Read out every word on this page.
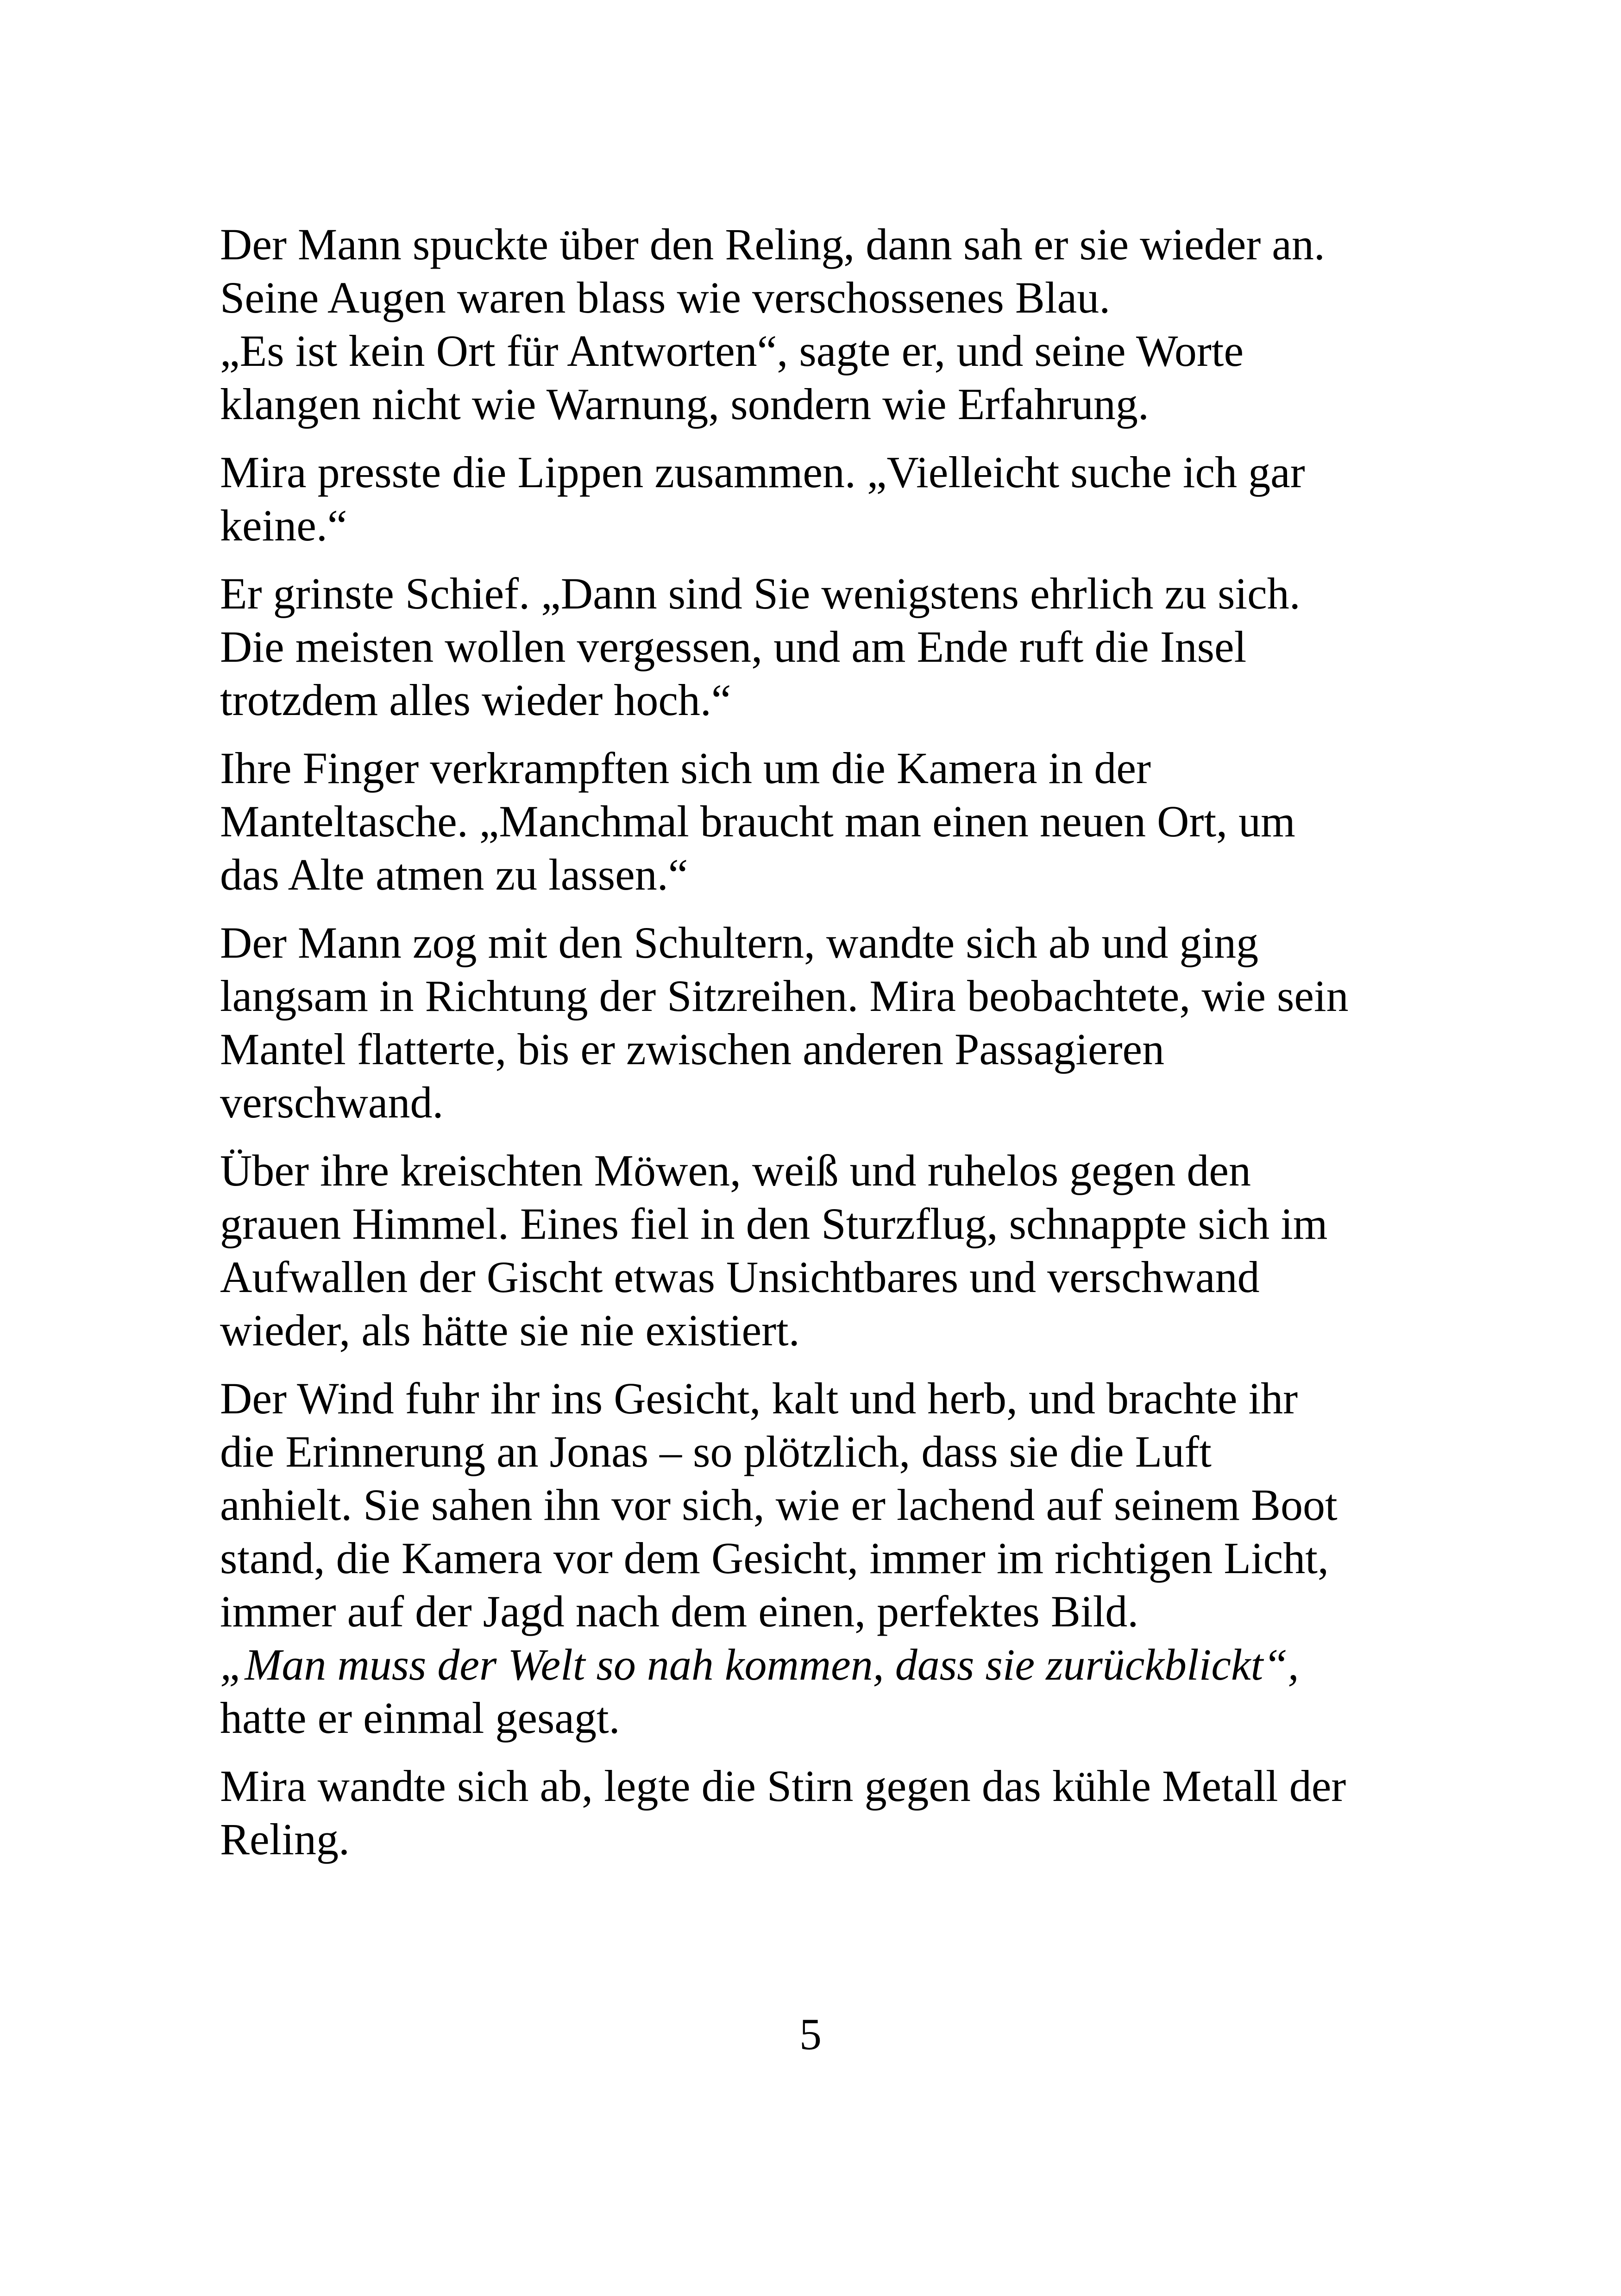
Der Mann spuckte über den Reling, dann sah er sie wieder an.
Seine Augen waren blass wie verschossenes Blau.
„Es ist kein Ort für Antworten“, sagte er, und seine Worte
klangen nicht wie Warnung, sondern wie Erfahrung.

Mira presste die Lippen zusammen. „Vielleicht suche ich gar
keine.“

Er grinste Schief. „Dann sind Sie wenigstens ehrlich zu sich.
Die meisten wollen vergessen, und am Ende ruft die Insel
trotzdem alles wieder hoch.“

Ihre Finger verkrampften sich um die Kamera in der
Manteltasche. „Manchmal braucht man einen neuen Ort, um
das Alte atmen zu lassen.“

Der Mann zog mit den Schultern, wandte sich ab und ging
langsam in Richtung der Sitzreihen. Mira beobachtete, wie sein
Mantel flatterte, bis er zwischen anderen Passagieren
verschwand.

Über ihre kreischten Möwen, weiß und ruhelos gegen den
grauen Himmel. Eines fiel in den Sturzflug, schnappte sich im
Aufwallen der Gischt etwas Unsichtbares und verschwand
wieder, als hätte sie nie existiert.

Der Wind fuhr ihr ins Gesicht, kalt und herb, und brachte ihr
die Erinnerung an Jonas – so plötzlich, dass sie die Luft
anhielt. Sie sahen ihn vor sich, wie er lachend auf seinem Boot
stand, die Kamera vor dem Gesicht, immer im richtigen Licht,
immer auf der Jagd nach dem einen, perfektes Bild.
„Man muss der Welt so nah kommen, dass sie zurückblickt“,
hatte er einmal gesagt.

Mira wandte sich ab, legte die Stirn gegen das kühle Metall der
Reling.

5
